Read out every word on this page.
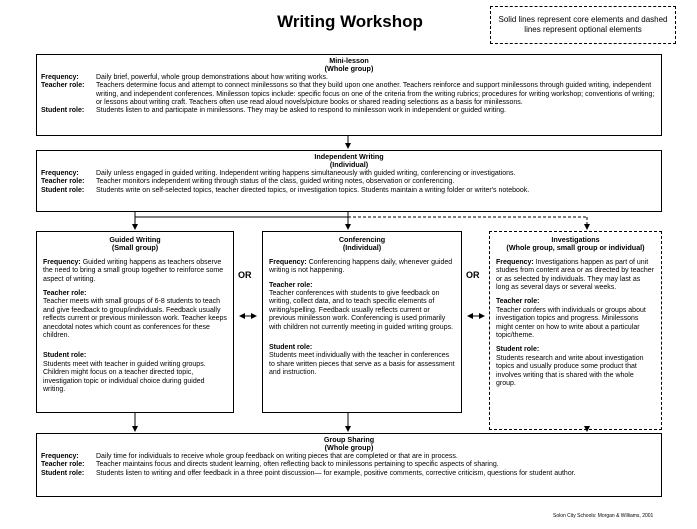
Writing Workshop	Solid lines represent core elements and dashed lines represent optional elements
OR	OR
Mini-lesson
(Whole group)
Frequency:	Daily brief, powerful, whole group demonstrations about how writing works.
Teacher role:	Teachers determine focus and attempt to connect minilessons so that they build upon one another. Teachers reinforce and support minilessons through guided writing, independent writing, and independent conferences. Minilesson topics include: specific focus on one of the criteria from the writing rubrics; procedures for writing workshop; conventions of writing; or lessons about writing craft. Teachers often use read aloud novels/picture books or shared reading selections as a basis for minilessons.
Student role:	Students listen to and participate in minilessons. They may be asked to respond to minilesson work in independent or guided writing.
Independent Writing
(Individual)
Frequency:	Daily unless engaged in guided writing. Independent writing happens simultaneously with guided writing, conferencing or investigations.
Teacher role:	Teacher monitors independent writing through status of the class, guided writing notes, observation or conferencing.
Student role:	Students write on self-selected topics, teacher directed topics, or investigation topics. Students maintain a writing folder or writer's notebook.
Guided Writing
(Small group)
Frequency: Guided writing happens as teachers observe the need to bring a small group together to reinforce some aspect of writing.
Teacher role:
Teacher meets with small groups of 6-8 students to teach and give feedback to group/individuals. Feedback usually reflects current or previous minilesson work. Teacher keeps anecdotal notes which count as conferences for these children.
Student role:
Students meet with teacher in guided writing groups. Children might focus on a teacher directed topic, investigation topic or individual choice during guided writing.
Conferencing
(Individual)
Frequency: Conferencing happens daily, whenever guided writing is not happening.
Teacher role:
Teacher conferences with students to give feedback on writing, collect data, and to teach specific elements of writing/spelling. Feedback usually reflects current or previous minilesson work. Conferencing is used primarily with children not currently meeting in guided writing groups.
Student role:
Students meet individually with the teacher in conferences to share written pieces that serve as a basis for assessment and instruction.
Investigations
(Whole group, small group or individual)
Frequency: Investigations happen as part of unit studies from content area or as directed by teacher or as selected by individuals. They may last as long as several days or several weeks.
Teacher role:
Teacher confers with individuals or groups about investigation topics and progress. Minilessons might center on how to write about a particular topic/theme.
Student role:
Students research and write about investigation topics and usually produce some product that involves writing that is shared with the whole group.
Group Sharing
(Whole group)
Frequency:	Daily time for individuals to receive whole group feedback on writing pieces that are completed or that are in process.
Teacher role:	Teacher maintains focus and directs student learning, often reflecting back to minilessons pertaining to specific aspects of sharing.
Student role:	Students listen to writing and offer feedback in a three point discussion— for example, positive comments, corrective criticism, questions for student author.
Solon City Schools: Morgan & Williams, 2001
